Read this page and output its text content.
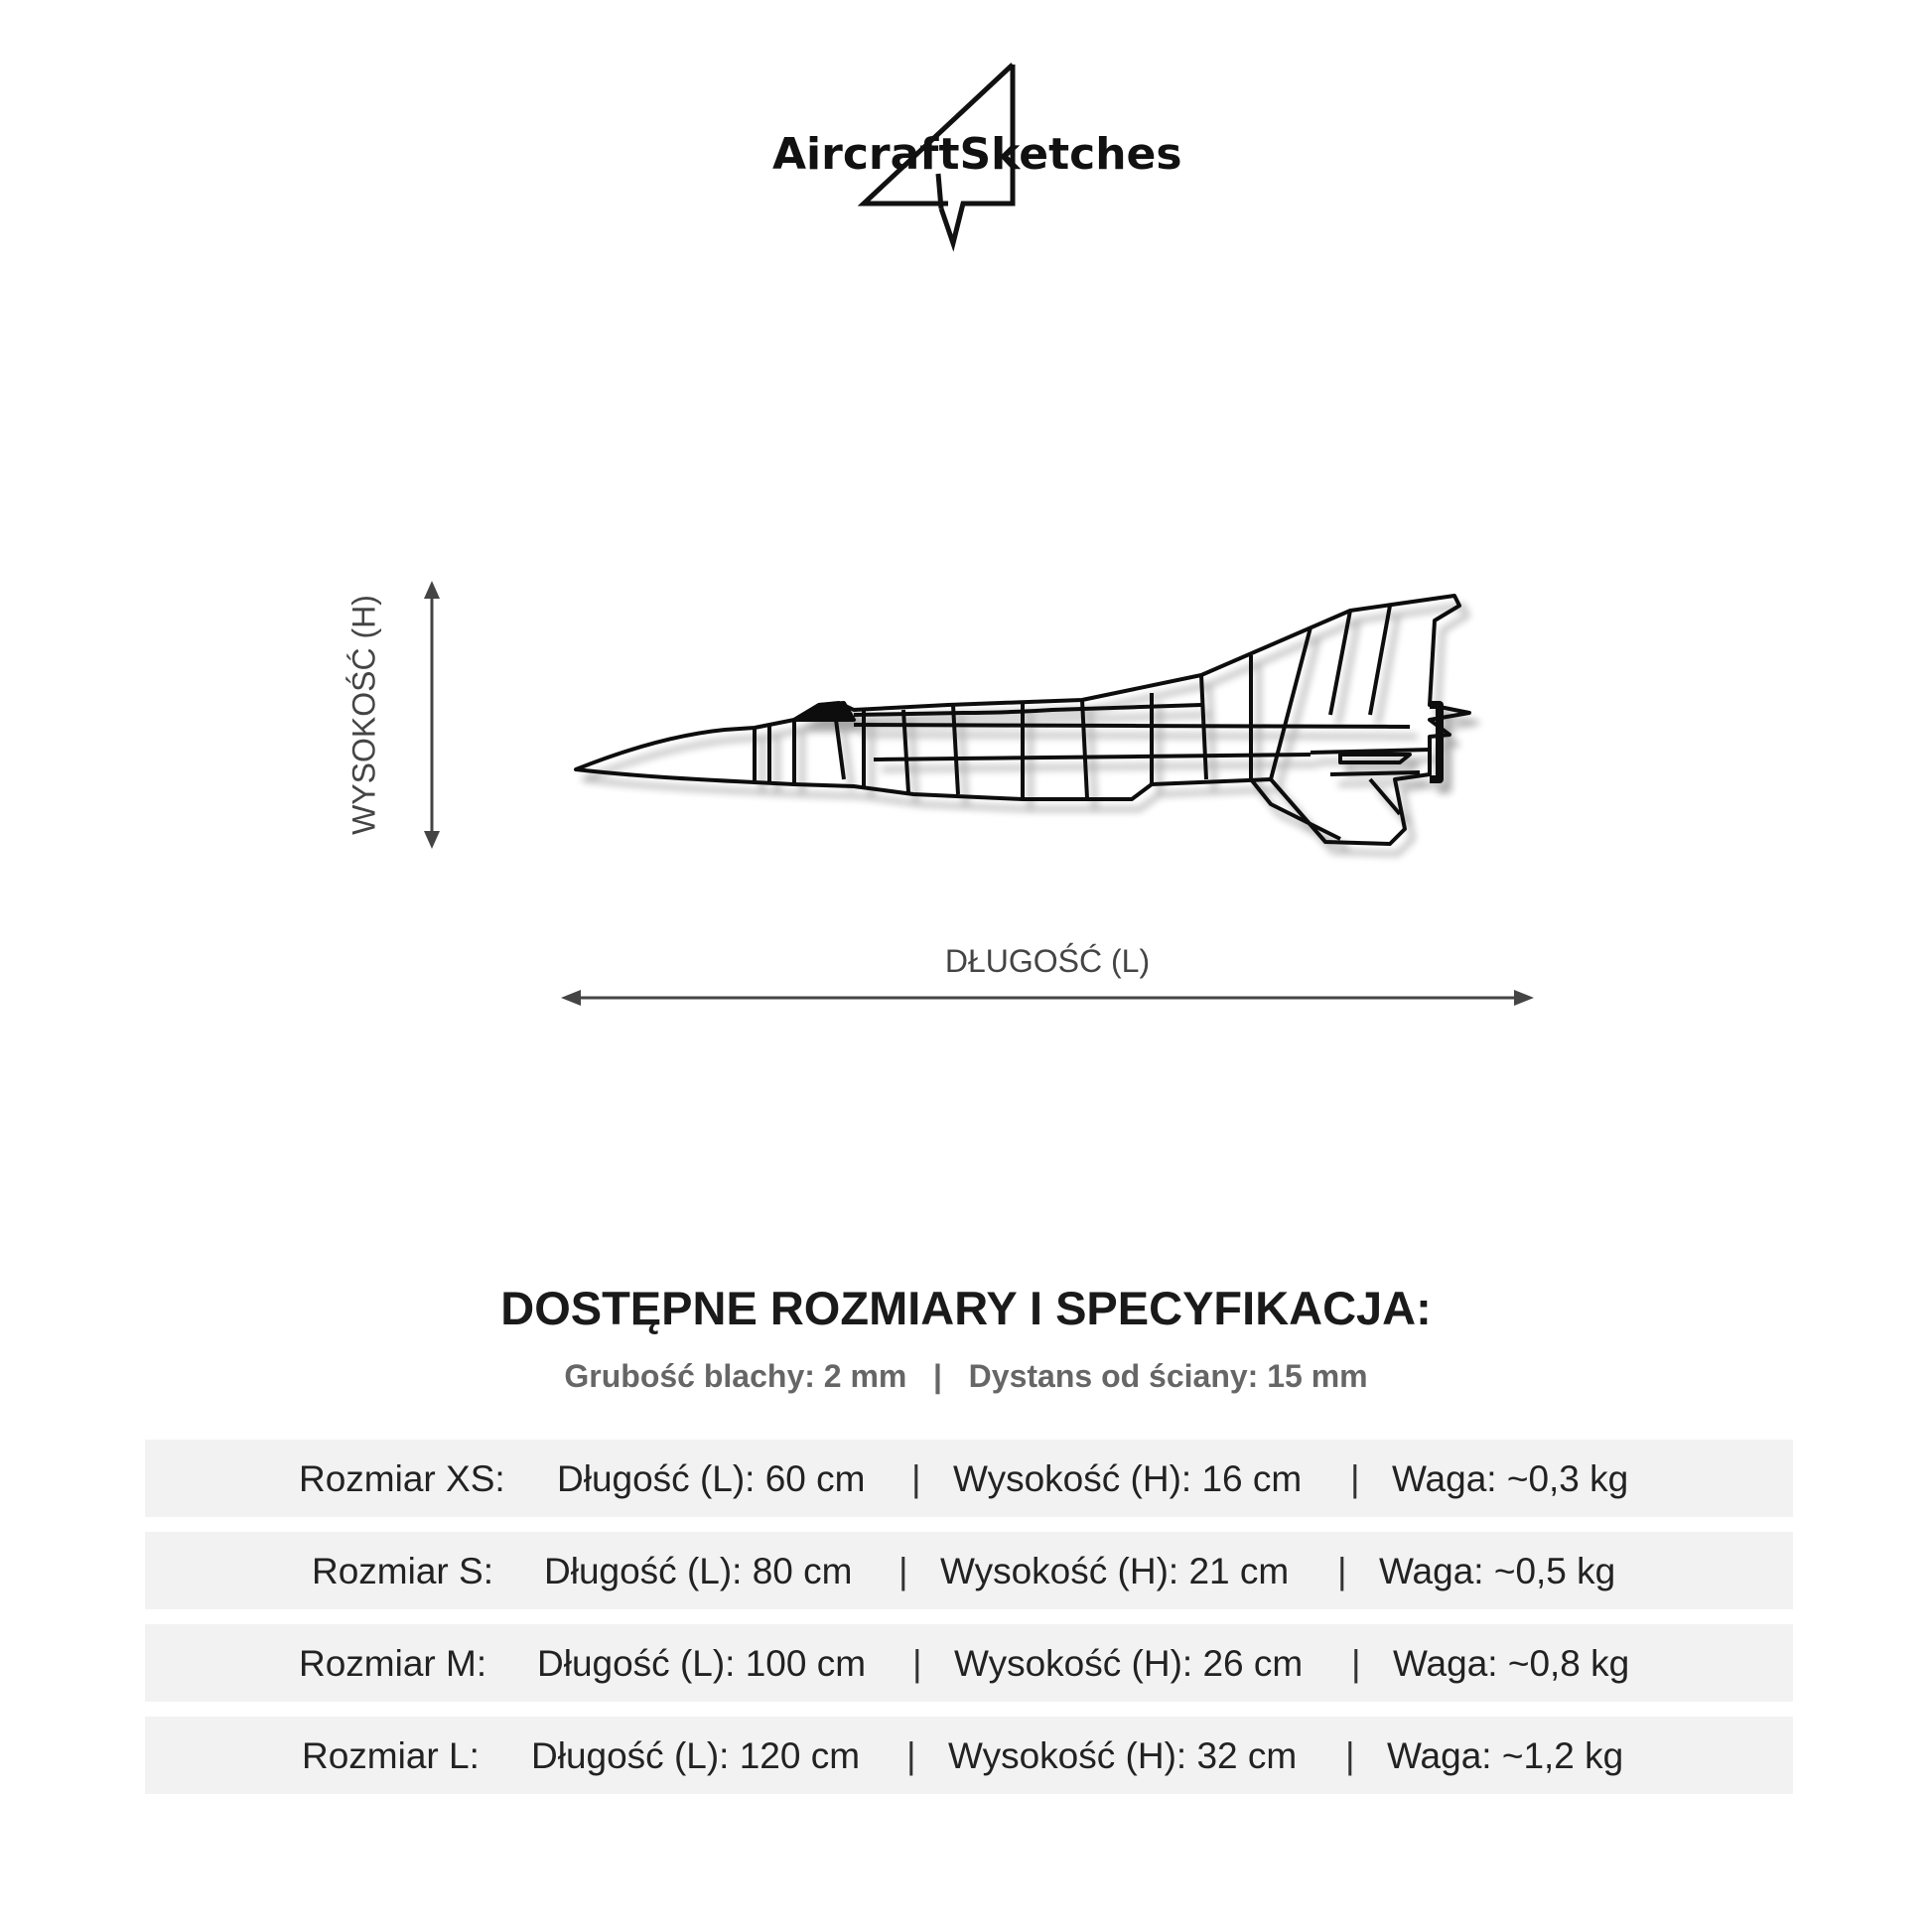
AircraftSketches
WYSOKOŚĆ (H)
DŁUGOŚĆ (L)
DOSTĘPNE ROZMIARY I SPECYFIKACJA:
Grubość blachy: 2 mm | Dystans od ściany: 15 mm
Rozmiar XS: Długość (L): 60 cm | Wysokość (H): 16 cm | Waga: ~0,3 kg
Rozmiar S: Długość (L): 80 cm | Wysokość (H): 21 cm | Waga: ~0,5 kg
Rozmiar M: Długość (L): 100 cm | Wysokość (H): 26 cm | Waga: ~0,8 kg
Rozmiar L: Długość (L): 120 cm | Wysokość (H): 32 cm | Waga: ~1,2 kg
